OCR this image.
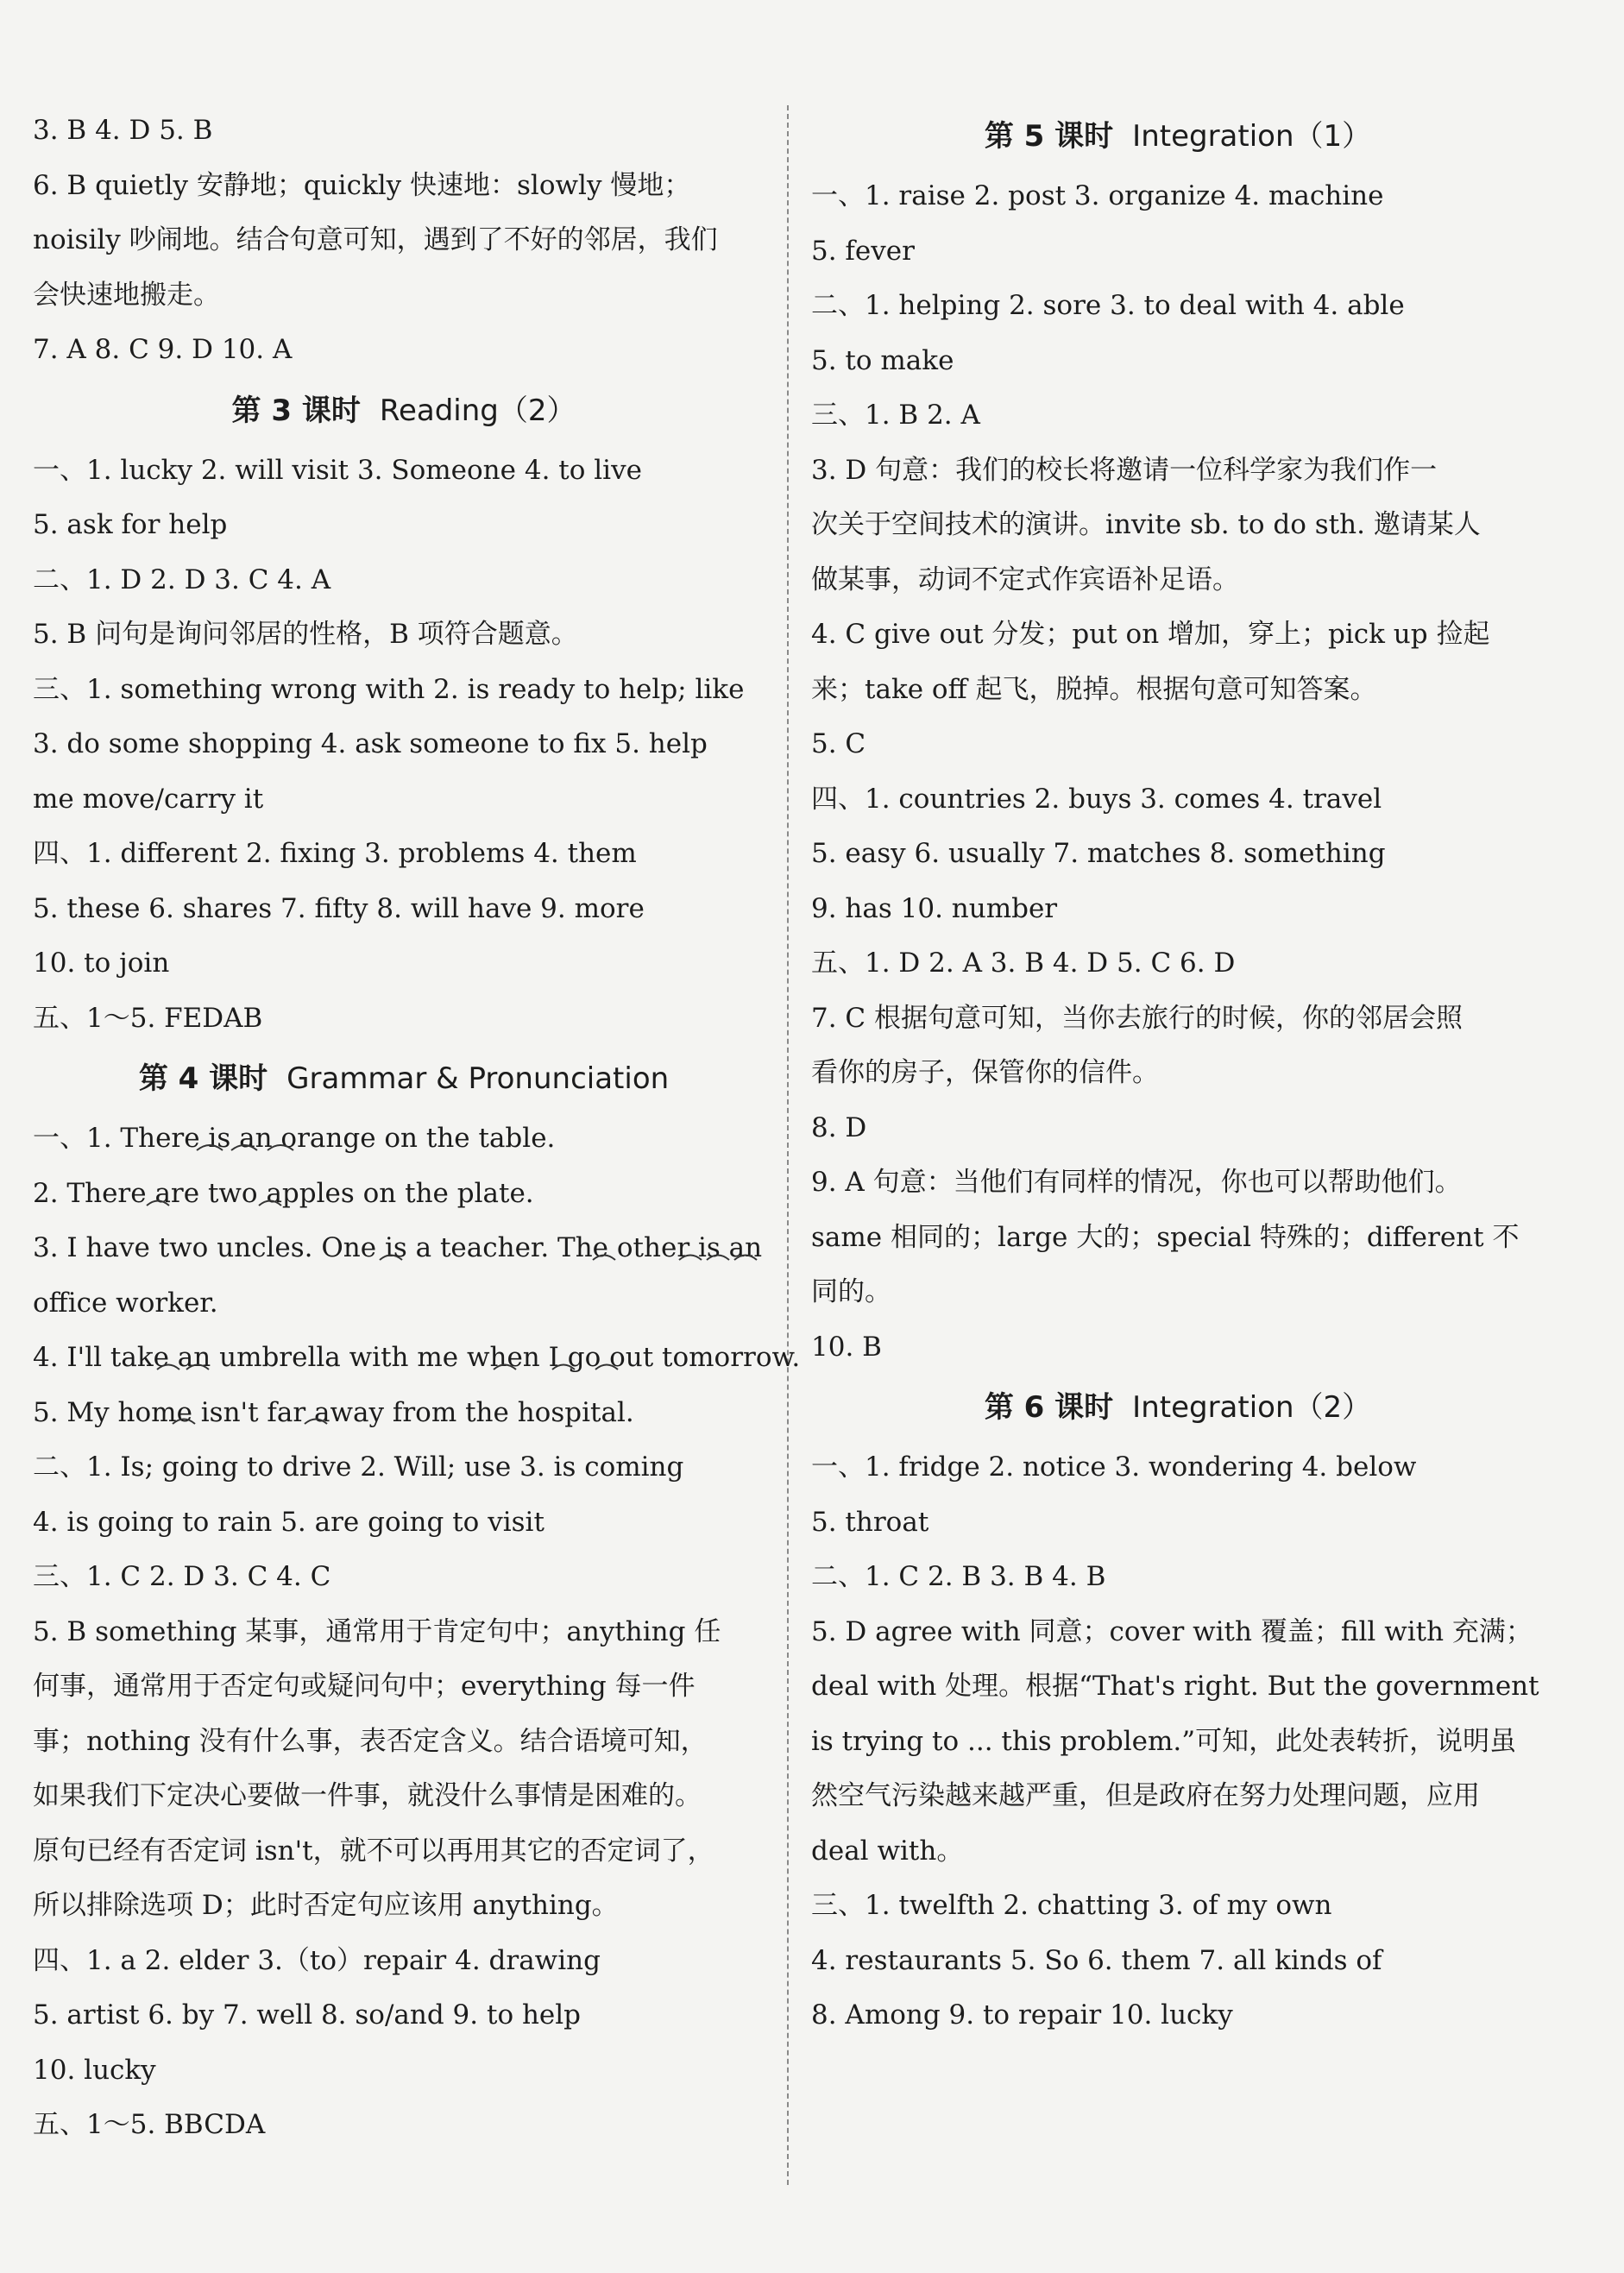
3. B 4. D 5. B
6. B quietly 安静地；quickly 快速地：slowly 慢地；
noisily 吵闹地。结合句意可知，遇到了不好的邻居，我们
会快速地搬走。
7. A 8. C 9. D 10. A
第 3 课时 Reading（2）
一、1. lucky 2. will visit 3. Someone 4. to live
5. ask for help
二、1. D 2. D 3. C 4. A
5. B 问句是询问邻居的性格，B 项符合题意。
三、1. something wrong with 2. is ready to help; like
3. do some shopping 4. ask someone to fix 5. help
me move/carry it
四、1. different 2. fixing 3. problems 4. them
5. these 6. shares 7. fifty 8. will have 9. more
10. to join
五、1～5. FEDAB
第 4 课时 Grammar & Pronunciation
一、1. There is an orange on the table.
2. There are two apples on the plate.
3. I have two uncles. One is a teacher. The other is an
office worker.
4. I'll take an umbrella with me when I go out tomorrow.
5. My home isn't far away from the hospital.
二、1. Is; going to drive 2. Will; use 3. is coming
4. is going to rain 5. are going to visit
三、1. C 2. D 3. C 4. C
5. B something 某事，通常用于肯定句中；anything 任
何事，通常用于否定句或疑问句中；everything 每一件
事；nothing 没有什么事，表否定含义。结合语境可知，
如果我们下定决心要做一件事，就没什么事情是困难的。
原句已经有否定词 isn't，就不可以再用其它的否定词了，
所以排除选项 D；此时否定句应该用 anything。
四、1. a 2. elder 3.（to）repair 4. drawing
5. artist 6. by 7. well 8. so/and 9. to help
10. lucky
五、1～5. BBCDA
第 5 课时 Integration（1）
一、1. raise 2. post 3. organize 4. machine
5. fever
二、1. helping 2. sore 3. to deal with 4. able
5. to make
三、1. B 2. A
3. D 句意：我们的校长将邀请一位科学家为我们作一
次关于空间技术的演讲。invite sb. to do sth. 邀请某人
做某事，动词不定式作宾语补足语。
4. C give out 分发；put on 增加，穿上；pick up 捡起
来；take off 起飞，脱掉。根据句意可知答案。
5. C
四、1. countries 2. buys 3. comes 4. travel
5. easy 6. usually 7. matches 8. something
9. has 10. number
五、1. D 2. A 3. B 4. D 5. C 6. D
7. C 根据句意可知，当你去旅行的时候，你的邻居会照
看你的房子，保管你的信件。
8. D
9. A 句意：当他们有同样的情况，你也可以帮助他们。
same 相同的；large 大的；special 特殊的；different 不
同的。
10. B
第 6 课时 Integration（2）
一、1. fridge 2. notice 3. wondering 4. below
5. throat
二、1. C 2. B 3. B 4. B
5. D agree with 同意；cover with 覆盖；fill with 充满；
deal with 处理。根据“That's right. But the government
is trying to ... this problem.”可知，此处表转折，说明虽
然空气污染越来越严重，但是政府在努力处理问题，应用
deal with。
三、1. twelfth 2. chatting 3. of my own
4. restaurants 5. So 6. them 7. all kinds of
8. Among 9. to repair 10. lucky
